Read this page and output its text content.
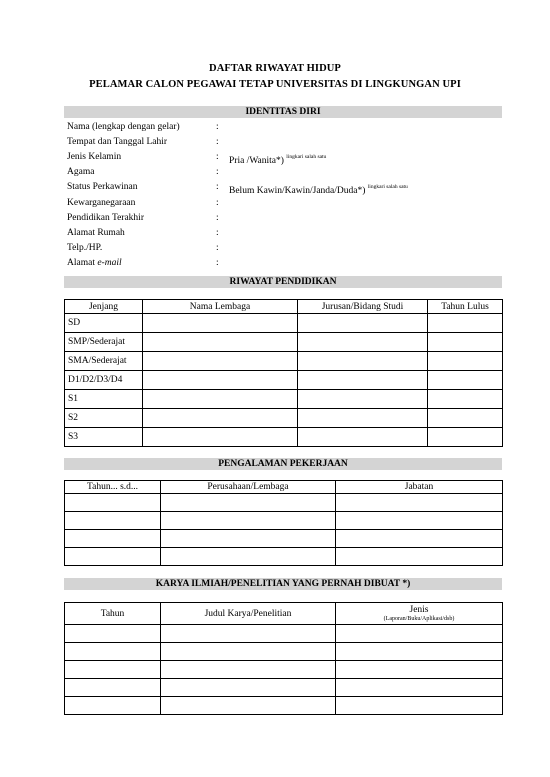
DAFTAR RIWAYAT HIDUP
PELAMAR CALON PEGAWAI TETAP UNIVERSITAS DI LINGKUNGAN UPI
IDENTITAS DIRI
Nama (lengkap dengan gelar)	:
Tempat dan Tanggal Lahir	:
Jenis Kelamin	: Pria /Wanita*) $^{lingkari salah satu}$
Agama	:
Status Perkawinan	: Belum Kawin/Kawin/Janda/Duda*) $^{lingkari salah satu}$
Kewarganegaraan	:
Pendidikan Terakhir	:
Alamat Rumah	:
Telp./HP.	:
Alamat e-mail	:
RIWAYAT PENDIDIKAN
Jenjang	Nama Lembaga	Jurusan/Bidang Studi	Tahun Lulus
SD			
SMP/Sederajat			
SMA/Sederajat			
D1/D2/D3/D4			
S1			
S2			
S3			
PENGALAMAN PEKERJAAN
Tahun... s.d...	Perusahaan/Lembaga	Jabatan

KARYA ILMIAH/PENELITIAN YANG PERNAH DIBUAT *)
Tahun	Judul Karya/Penelitian	Jenis
(Laporan/Buku/Aplikasi/dsb)
